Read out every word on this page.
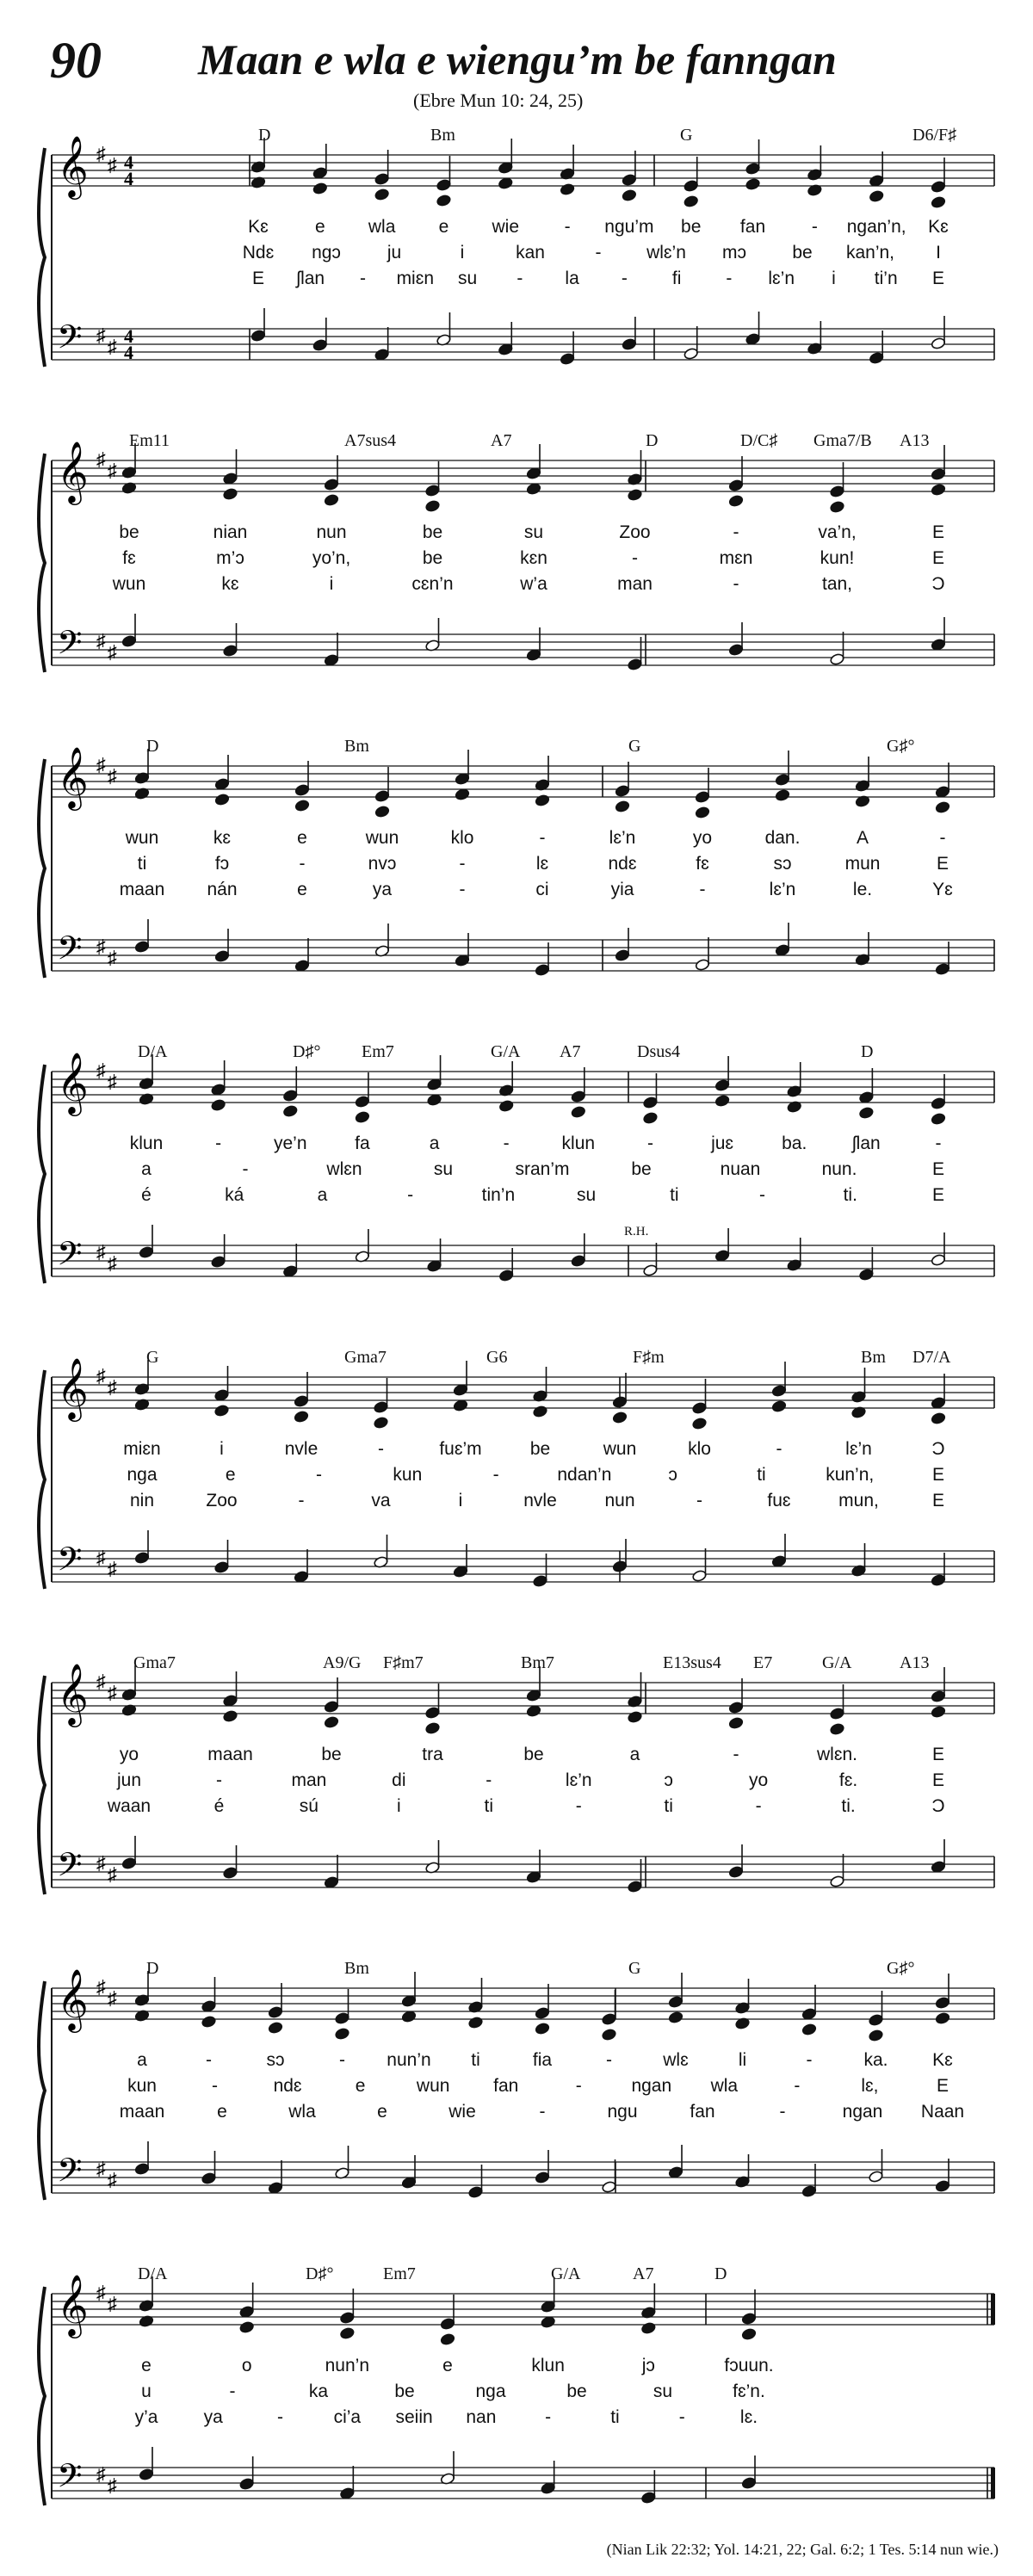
90 Maan e wla e wiengu’m be fanngan
(Ebre Mun 10: 24, 25)
𝄞
𝄢
♯
♯
♯
♯
4
4
4
4
D	Bm	G	D6/F♯
Kɛ	e wla e wie	- ngu’m be fan	- ngan’n, Kɛ
Ndɛ ngɔ	ju	i	kan	-	wlɛ’n mɔ	be kan’n, I
E ʃlan - miɛn su - la - fi - lɛ’n i ti’n E
𝄞
𝄢
♯
♯
♯
♯
Em11	A7sus4	A7	D	D/C♯ Gma7/B A13
be	nian	nun	be	su	Zoo	-	va’n,	E
fɛ	m’ɔ	yo’n,	be	kɛn	-	mɛn	kun!	E
wun	kɛ	i	cɛn’n	w’a	man	-	tan,	Ɔ
𝄞
𝄢
♯
♯
♯
♯
D	Bm	G	G♯°
wun	kɛ	e	wun	klo	-	lɛ’n	yo	dan.	A	-
ti	fɔ	-	nvɔ	-	lɛ	ndɛ	fɛ	sɔ	mun	E
maan nán	e	ya	-	ci	yia	-	lɛ’n	le.	Yɛ
𝄞
𝄢
♯
♯
♯
♯
D/A	D♯° Em7	G/A A7	Dsus4	D
R.H.
klun	-	ye’n	fa	a	-	klun	-	juɛ	ba.	ʃlan	-
a	-	wlɛn	su	sran’m	be	nuan	nun.	E
é	ká	a	-	tin’n	su	ti	-	ti.	E
𝄞
𝄢
♯
♯
♯
♯
G	Gma7	G6	F♯m	Bm D7/A
miɛn	i	nvle	-	fuɛ’m	be	wun	klo	-	lɛ’n	Ɔ
nga	e	-	kun	-	ndan’n	ɔ	ti	kun’n,	E
nin	Zoo	-	va	i	nvle	nun	-	fuɛ	mun,	E
𝄞
𝄢
♯
♯
♯
♯
Gma7	A9/G F♯m7	Bm7	E13sus4 E7	G/A	A13
yo	maan	be	tra	be	a	-	wlɛn.	E
jun	-	man	di	-	lɛ’n	ɔ	yo	fɛ.	E
waan	é	sú	i	ti	-	ti	-	ti.	Ɔ
𝄞
𝄢
♯
♯
♯
♯
D	Bm	G	G♯°
a	-	sɔ	- nun’n ti	fia	-	wlɛ	li	-	ka. Kɛ
kun	-	ndɛ	e	wun fan	-	ngan wla	-	lɛ,	E
maan	e	wla	e	wie	-	ngu	fan	-	ngan Naan
𝄞
𝄢
♯
♯
♯
♯
D/A	D♯°	Em7	G/A	A7	D
e	o	nun’n	e	klun	jɔ	fɔuun.
u	-	ka	be	nga	be	su	fɛ’n.
y’a	ya	-	ci’a seiin nan	-	ti	-	lɛ.
(Nian Lik 22:32; Yol. 14:21, 22; Gal. 6:2; 1 Tes. 5:14 nun wie.)
